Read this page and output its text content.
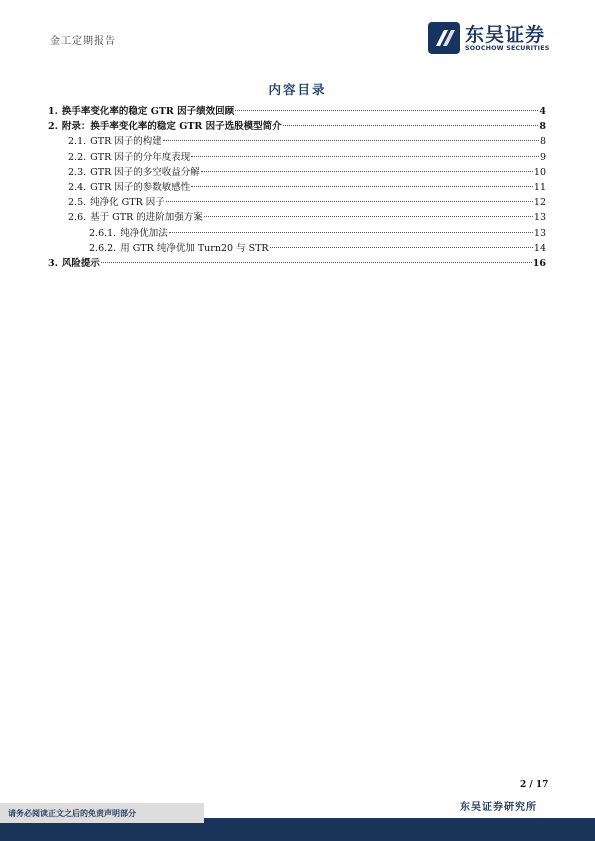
金工定期报告	东吴证券
SOOCHOW SECURITIES
内容目录
1. 换手率变化率的稳定 GTR 因子绩效回顾	4
2. 附录：换手率变化率的稳定 GTR 因子选股模型简介	8
2.1. GTR 因子的构建	8
2.2. GTR 因子的分年度表现	9
2.3. GTR 因子的多空收益分解	10
2.4. GTR 因子的参数敏感性	11
2.5. 纯净化 GTR 因子	12
2.6. 基于 GTR 的进阶加强方案	13
2.6.1. 纯净优加法	13
2.6.2. 用 GTR 纯净优加 Turn20 与 STR	14
3. 风险提示	16
2 / 17
东吴证券研究所
请务必阅读正文之后的免责声明部分
